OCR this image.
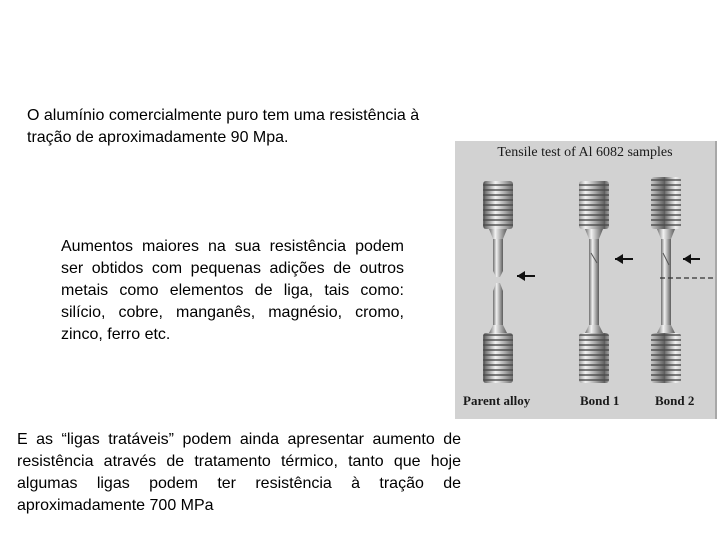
O alumínio comercialmente puro tem uma resistência à tração de aproximadamente 90 Mpa.

Aumentos maiores na sua resistência podem ser obtidos com pequenas adições de outros metais como elementos de liga, tais como: silício, cobre, manganês, magnésio, cromo, zinco, ferro etc.

E as “ligas tratáveis” podem ainda apresentar aumento de resistência através de tratamento térmico, tanto que hoje algumas ligas podem ter resistência à tração de aproximadamente 700 MPa

Tensile test of Al 6082 samples
Parent alloy	Bond 1	Bond 2
